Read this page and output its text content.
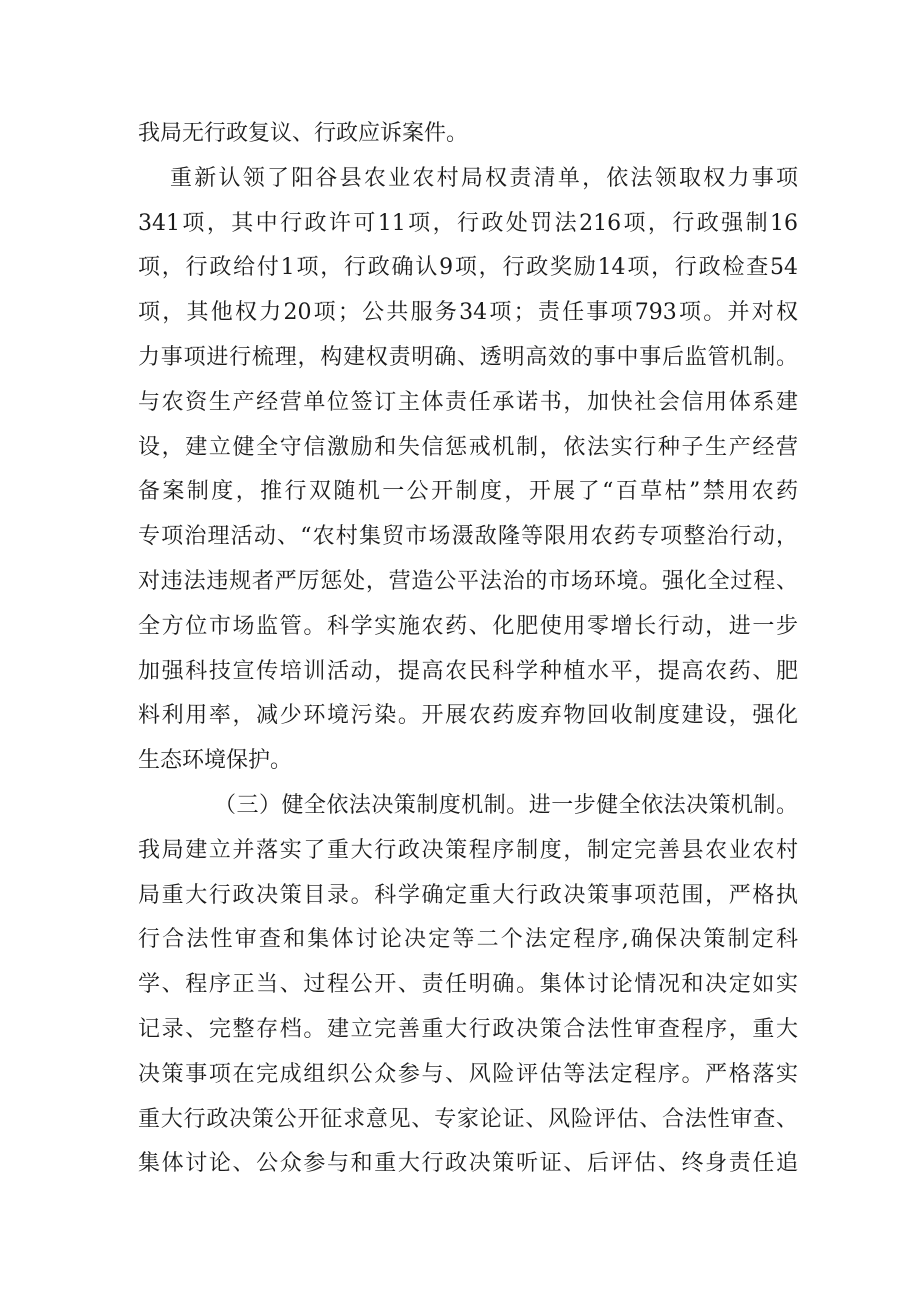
我局无行政复议、行政应诉案件。
重新认领了阳谷县农业农村局权责清单，依法领取权力事项
341项，其中行政许可11项，行政处罚法216项，行政强制16
项，行政给付1项，行政确认9项，行政奖励14项，行政检查54
项，其他权力20项；公共服务34项；责任事项793项。并对权
力事项进行梳理，构建权责明确、透明高效的事中事后监管机制。
与农资生产经营单位签订主体责任承诺书，加快社会信用体系建
设，建立健全守信激励和失信惩戒机制，依法实行种子生产经营
备案制度，推行双随机一公开制度，开展了“百草枯”禁用农药
专项治理活动、“农村集贸市场滠敌隆等限用农药专项整治行动，
对违法违规者严厉惩处，营造公平法治的市场环境。强化全过程、
全方位市场监管。科学实施农药、化肥使用零增长行动，进一步
加强科技宣传培训活动，提高农民科学种植水平，提高农药、肥
料利用率，减少环境污染。开展农药废弃物回收制度建设，强化
生态环境保护。
（三）健全依法决策制度机制。进一步健全依法决策机制。
我局建立并落实了重大行政决策程序制度，制定完善县农业农村
局重大行政决策目录。科学确定重大行政决策事项范围，严格执
行合法性审查和集体讨论决定等二个法定程序,确保决策制定科
学、程序正当、过程公开、责任明确。集体讨论情况和决定如实
记录、完整存档。建立完善重大行政决策合法性审查程序，重大
决策事项在完成组织公众参与、风险评估等法定程序。严格落实
重大行政决策公开征求意见、专家论证、风险评估、合法性审查、
集体讨论、公众参与和重大行政决策听证、后评估、终身责任追
